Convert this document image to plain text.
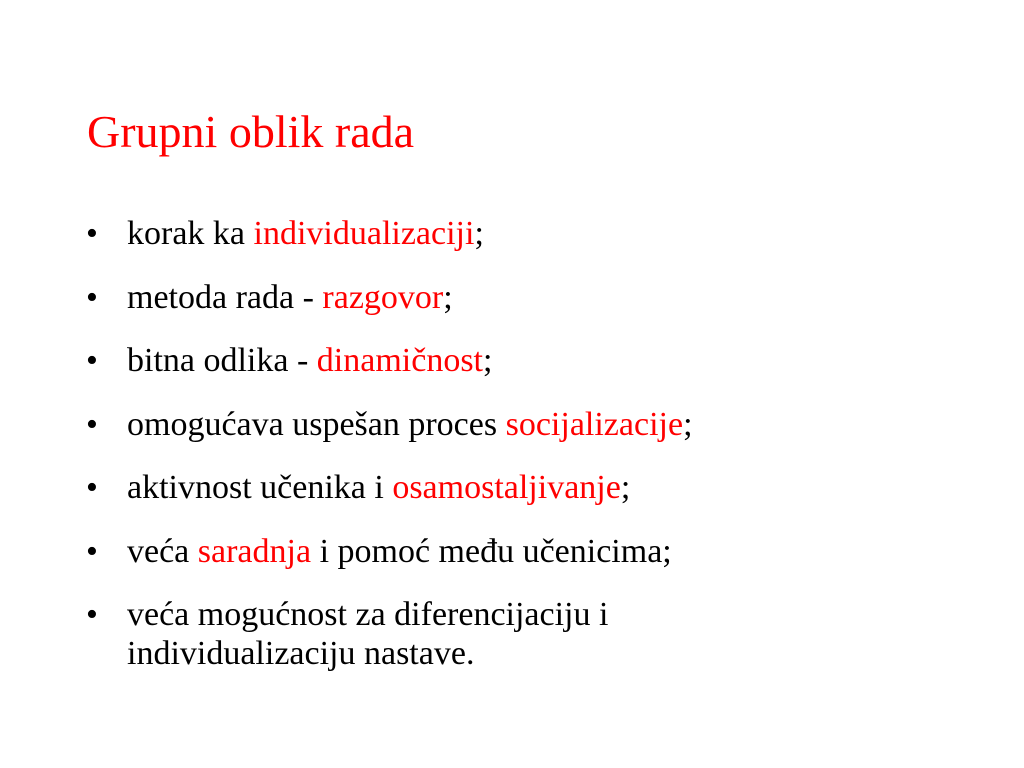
Grupni oblik rada
• korak ka individualizaciji;
• metoda rada - razgovor;
• bitna odlika - dinamičnost;
• omogućava uspešan proces socijalizacije;
• aktivnost učenika i osamostaljivanje;
• veća saradnja i pomoć među učenicima;
• veća mogućnost za diferencijaciju i individualizaciju nastave.
